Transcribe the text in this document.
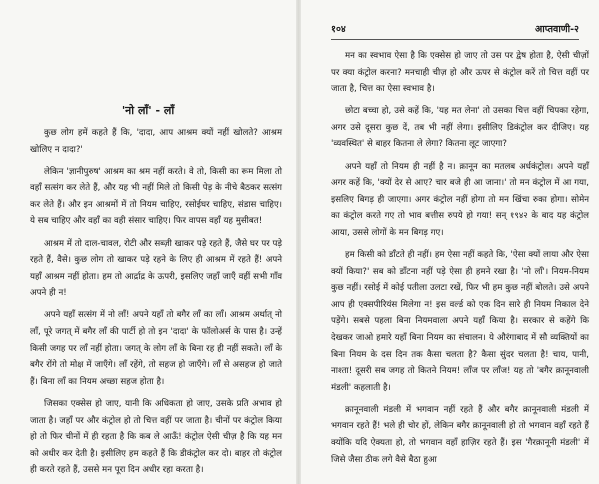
'नो लॉं' - लॉं

कुछ लोग हमें कहते हैं कि, 'दादा, आप आश्रम क्यों नहीं खोलते? आश्रम खोलिए न दादा?'

लेकिन 'ज्ञानीपुरुष' आश्रम का श्रम नहीं करते। वे तो, किसी का रूम मिला तो वहाँ सत्संग कर लेते हैं, और यह भी नहीं मिले तो किसी पेड़ के नीचे बैठकर सत्संग कर लेते हैं। और इन आश्रमों में तो नियम चाहिए, रसोईघर चाहिए, संडास चाहिए। ये सब चाहिए और वहाँ का वही संसार चाहिए। फिर वापस वहाँ यह मुसीबत!

आश्रम में तो दाल-चावल, रोटी और सब्ज़ी खाकर पड़े रहते हैं, जैसे घर पर पड़े रहते हैं, वैसे। कुछ लोग तो खाकर पड़े रहने के लिए ही आश्रम में रहते हैं! अपने यहाँ आश्रम नहीं होता। हम तो आर्द्राद्र के ऊपरी, इसलिए जहाँ जाएँ वहीं सभी गाँव अपने ही न!

अपने यहाँ सत्संग में नो लॉं! अपने यहाँ तो बगैर लॉं का लॉं। आश्रम अर्थात् नो लॉं, पूरे जगत् में बगैर लॉं की पार्टी हो तो इन 'दादा' के फॉलोअर्स के पास है। उन्हें किसी जगह पर लॉं नहीं होता। जगत् के लोग लॉं के बिना रह ही नहीं सकते। लॉं के बगैर रोंगे तो मोक्ष में जाएँगे। लॉं रहेंगे, तो सहज हो जाएँगे। लॉं से असहज हो जाते हैं। बिना लॉं का नियम अच्छा सहज होता है।

जिसका एक्सेस हो जाए, यानी कि अधिकता हो जाए, उसके प्रति अभाव हो जाता है। जहाँ पर और कंट्रोल हो तो चित्त वहीं पर जाता है। चीनों पर कंट्रोल किया हो तो फिर चीनों में ही रहता है कि कब ले आऊँ! कंट्रोल ऐसी चीज़ है कि यह मन को अधीर कर देती है। इसीलिए हम कहते हैं कि डीकंट्रोल कर दो। बाहर तो कंट्रोल ही करते रहते हैं, उससे मन पूरा दिन अधीर रहा करता है।

१०४	आप्तवाणी-२

मन का स्वभाव ऐसा है कि एक्सेस हो जाए तो उस पर द्वेष होता है, ऐसी चीज़ों पर क्या कंट्रोल करना? मनचाही चीज़ हो और ऊपर से कंट्रोल करें तो चित्त वहीं पर जाता है, चित्त का ऐसा स्वभाव है।

छोटा बच्चा हो, उसे कहें कि, 'यह मत लेना' तो उसका चित्त वहीं चिपका रहेगा, अगर उसे दूसरा कुछ दें, तब भी नहीं लेगा। इसीलिए डिकंट्रोल कर दीजिए। यह 'व्यवस्थित' से बाहर कितना ले लेगा? कितना लूट जाएगा?

अपने यहाँ तो नियम ही नहीं है न। क़ानून का मतलब अर्धकंट्रोल। अपने यहाँ अगर कहें कि, 'क्यों देर से आए? चार बजे ही आ जाना।' तो मन कंट्रोल में आ गया, इसलिए बिगड़ ही जाएगा। अगर कंट्रोल नहीं होगा तो मन खिंचा रुका होगा। सोमेन का कंट्रोल करते गए तो भाव बत्तीस रुपये हो गया! सन् १९४२ के बाद यह कंट्रोल आया, उससे लोगों के मन बिगड़ गए।

हम किसी को डाँटते ही नहीं। हम ऐसा नहीं कहते कि, 'ऐसा क्यों लाया और ऐसा क्यों किया?' सब को डाँटना नहीं पड़े ऐसा ही हमने रखा है। 'नो लॉं'। नियम-नियम कुछ नहीं। रसोई में कोई पतीला उलटा रखें, फिर भी हम कुछ नहीं बोलते। उसे अपने आप ही एक्सपीरियंस मिलेगा न! इस वर्ल्ड को एक दिन सारे ही नियम निकाल देने पड़ेंगे। सबसे पहला बिना नियमवाला अपने यहाँ किया है। सरकार से कहेंगे कि देखकर जाओ हमारे यहाँ बिना नियम का संचालन। ये औरंगाबाद में सौ व्यक्तियों का बिना नियम के दस दिन तक कैसा चलता है? कैसा सुंदर चलता है! चाय, पानी, नाश्ता! दूसरी सब जगह तो कितने नियम! लॉंज पर लॉंज! यह तो 'बगैर क़ानूनवाली मंडली' कहलाती है।

क़ानूनवाली मंडली में भगवान नहीं रहते हैं और बगैर क़ानूनवाली मंडली में भगवान रहते हैं! भले ही चोर हों, लेकिन बगैर क़ानूनवाली हो तो भगवान वहाँ रहते हैं क्योंकि यदि ऐक्यता हो, तो भगवान वहाँ हाज़िर रहते हैं। इस 'गैरक़ानूनी मंडली' में जिसे जैसा ठीक लगे वैसे बैठा हुआ
